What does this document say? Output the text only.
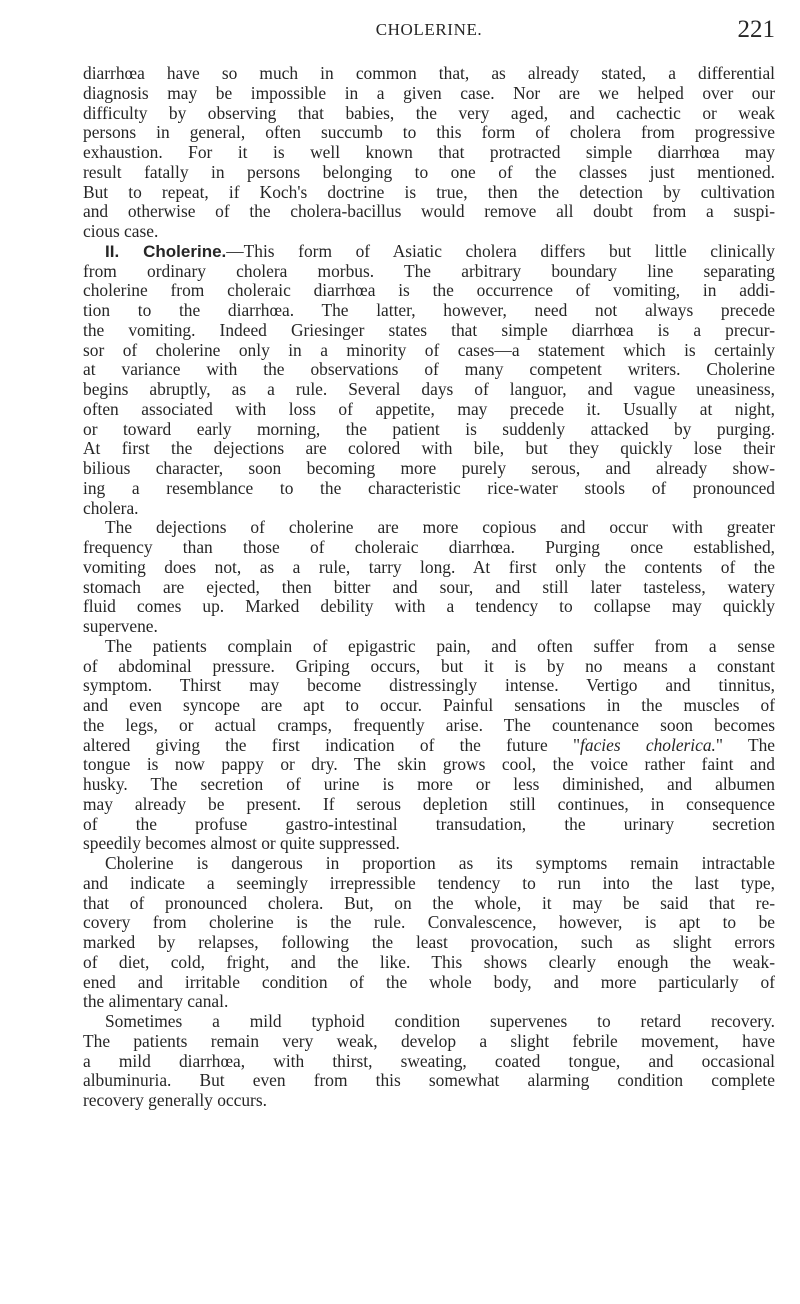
CHOLERINE.	221
diarrhœa have so much in common that, as already stated, a differential
diagnosis may be impossible in a given case. Nor are we helped over our
difficulty by observing that babies, the very aged, and cachectic or weak
persons in general, often succumb to this form of cholera from progressive
exhaustion. For it is well known that protracted simple diarrhœa may
result fatally in persons belonging to one of the classes just mentioned.
But to repeat, if Koch's doctrine is true, then the detection by cultivation
and otherwise of the cholera-bacillus would remove all doubt from a suspi-
cious case.
II. Cholerine.—This form of Asiatic cholera differs but little clinically
from ordinary cholera morbus. The arbitrary boundary line separating
cholerine from choleraic diarrhœa is the occurrence of vomiting, in addi-
tion to the diarrhœa. The latter, however, need not always precede
the vomiting. Indeed Griesinger states that simple diarrhœa is a precur-
sor of cholerine only in a minority of cases—a statement which is certainly
at variance with the observations of many competent writers. Cholerine
begins abruptly, as a rule. Several days of languor, and vague uneasiness,
often associated with loss of appetite, may precede it. Usually at night,
or toward early morning, the patient is suddenly attacked by purging.
At first the dejections are colored with bile, but they quickly lose their
bilious character, soon becoming more purely serous, and already show-
ing a resemblance to the characteristic rice-water stools of pronounced
cholera.
The dejections of cholerine are more copious and occur with greater
frequency than those of choleraic diarrhœa. Purging once established,
vomiting does not, as a rule, tarry long. At first only the contents of the
stomach are ejected, then bitter and sour, and still later tasteless, watery
fluid comes up. Marked debility with a tendency to collapse may quickly
supervene.
The patients complain of epigastric pain, and often suffer from a sense
of abdominal pressure. Griping occurs, but it is by no means a constant
symptom. Thirst may become distressingly intense. Vertigo and tinnitus,
and even syncope are apt to occur. Painful sensations in the muscles of
the legs, or actual cramps, frequently arise. The countenance soon becomes
altered giving the first indication of the future "facies cholerica." The
tongue is now pappy or dry. The skin grows cool, the voice rather faint and
husky. The secretion of urine is more or less diminished, and albumen
may already be present. If serous depletion still continues, in consequence
of the profuse gastro-intestinal transudation, the urinary secretion
speedily becomes almost or quite suppressed.
Cholerine is dangerous in proportion as its symptoms remain intractable
and indicate a seemingly irrepressible tendency to run into the last type,
that of pronounced cholera. But, on the whole, it may be said that re-
covery from cholerine is the rule. Convalescence, however, is apt to be
marked by relapses, following the least provocation, such as slight errors
of diet, cold, fright, and the like. This shows clearly enough the weak-
ened and irritable condition of the whole body, and more particularly of
the alimentary canal.
Sometimes a mild typhoid condition supervenes to retard recovery.
The patients remain very weak, develop a slight febrile movement, have
a mild diarrhœa, with thirst, sweating, coated tongue, and occasional
albuminuria. But even from this somewhat alarming condition complete
recovery generally occurs.
